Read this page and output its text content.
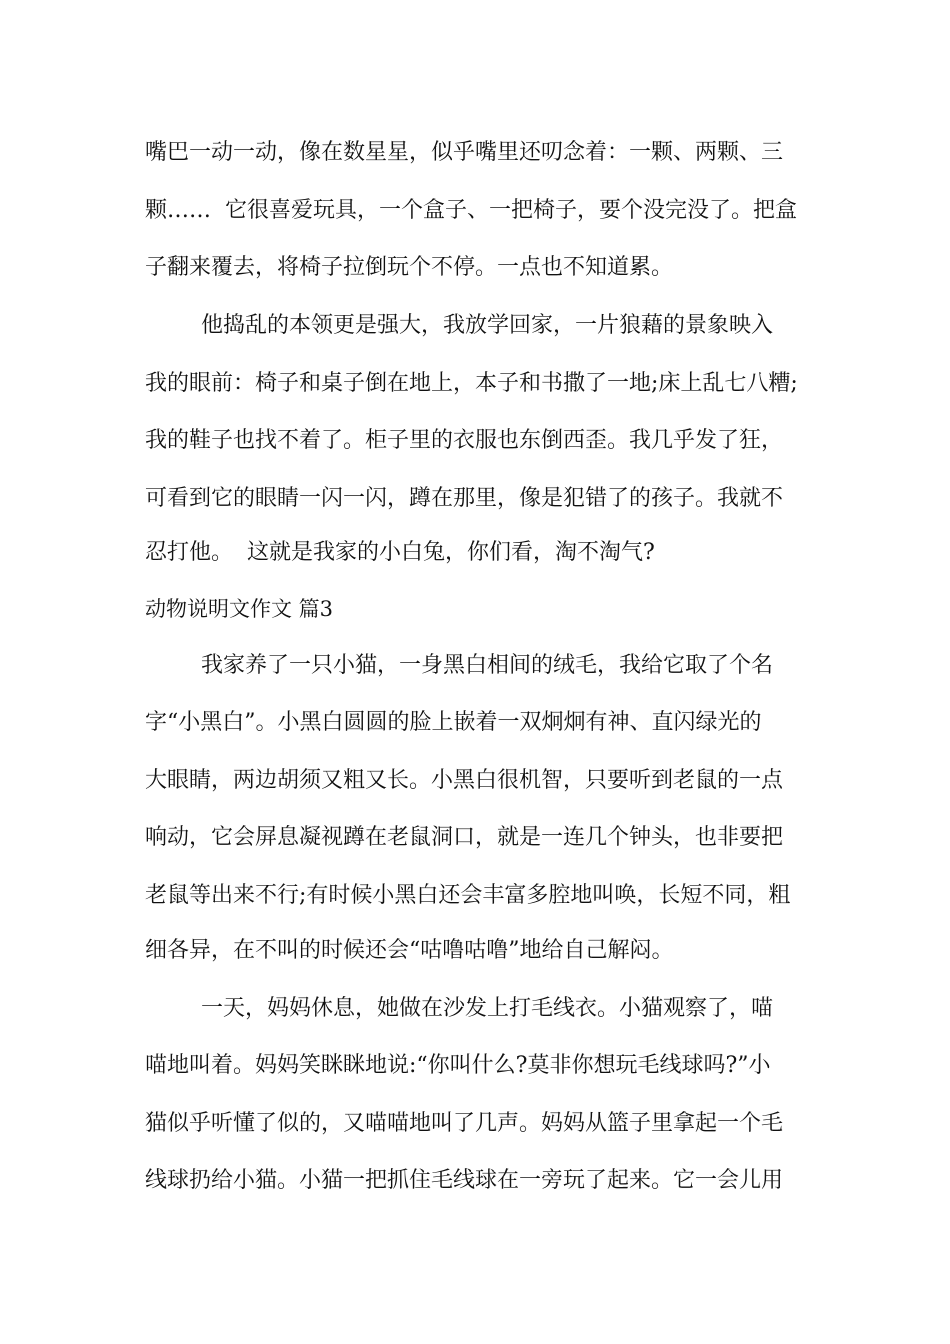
嘴巴一动一动，像在数星星，似乎嘴里还叨念着：一颗、两颗、三
颗……  它很喜爱玩具，一个盒子、一把椅子，要个没完没了。把盒
子翻来覆去，将椅子拉倒玩个不停。一点也不知道累。
他捣乱的本领更是强大，我放学回家，一片狼藉的景象映入
我的眼前：椅子和桌子倒在地上，本子和书撒了一地;床上乱七八糟;
我的鞋子也找不着了。柜子里的衣服也东倒西歪。我几乎发了狂，
可看到它的眼睛一闪一闪，蹲在那里，像是犯错了的孩子。我就不
忍打他。  这就是我家的小白兔，你们看，淘不淘气?
动物说明文作文 篇3
我家养了一只小猫，一身黑白相间的绒毛，我给它取了个名
字“小黑白”。小黑白圆圆的脸上嵌着一双炯炯有神、直闪绿光的
大眼睛，两边胡须又粗又长。小黑白很机智，只要听到老鼠的一点
响动，它会屏息凝视蹲在老鼠洞口，就是一连几个钟头，也非要把
老鼠等出来不行;有时候小黑白还会丰富多腔地叫唤，长短不同，粗
细各异，在不叫的时候还会“咕噜咕噜”地给自己解闷。
一天，妈妈休息，她做在沙发上打毛线衣。小猫观察了，喵
喵地叫着。妈妈笑眯眯地说:“你叫什么?莫非你想玩毛线球吗?”小
猫似乎听懂了似的，又喵喵地叫了几声。妈妈从篮子里拿起一个毛
线球扔给小猫。小猫一把抓住毛线球在一旁玩了起来。它一会儿用
